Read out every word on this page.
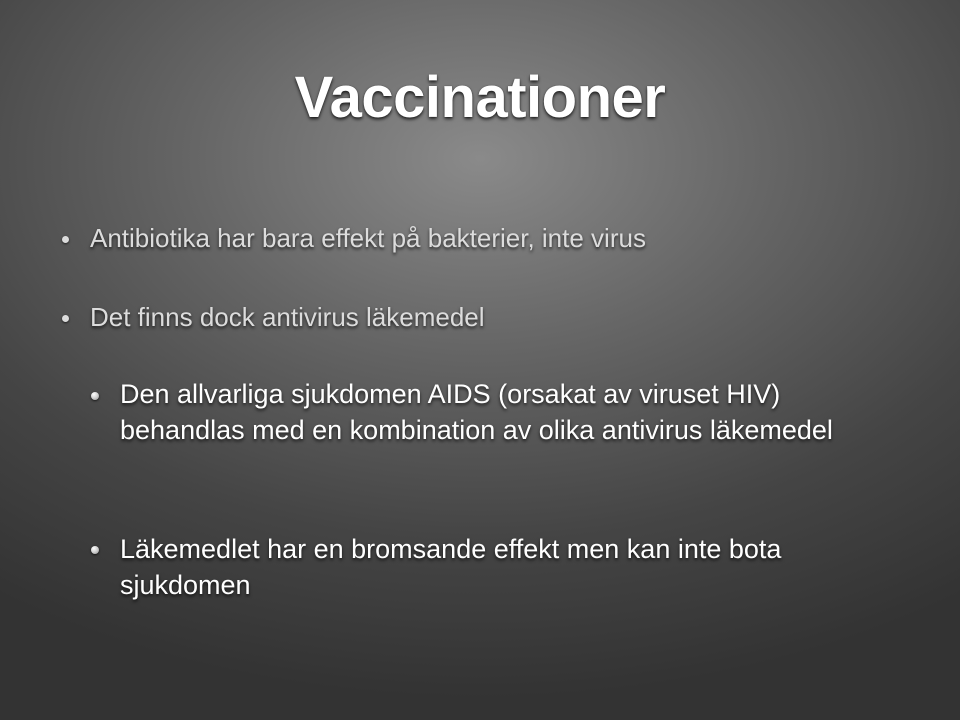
Vaccinationer
Antibiotika har bara effekt på bakterier, inte virus
Det finns dock antivirus läkemedel
Den allvarliga sjukdomen AIDS (orsakat av viruset HIV) behandlas med en kombination av olika antivirus läkemedel
Läkemedlet har en bromsande effekt men kan inte bota sjukdomen
